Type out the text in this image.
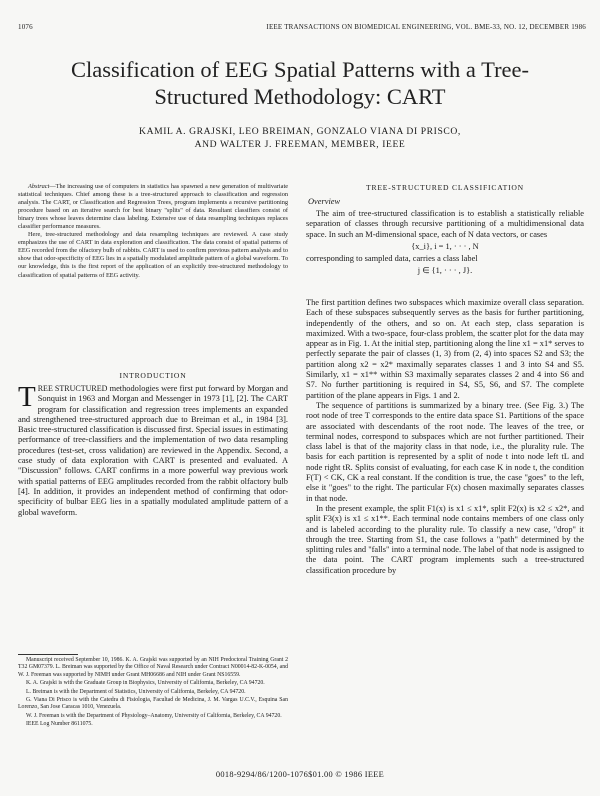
1076	IEEE TRANSACTIONS ON BIOMEDICAL ENGINEERING, VOL. BME-33, NO. 12, DECEMBER 1986
Classification of EEG Spatial Patterns with a Tree-Structured Methodology: CART
KAMIL A. GRAJSKI, LEO BREIMAN, GONZALO VIANA DI PRISCO,
AND WALTER J. FREEMAN, MEMBER, IEEE

Abstract—The increasing use of computers in statistics has spawned a new generation of multivariate statistical techniques. Chief among these is a tree-structured approach to classification and regression analysis. The CART, or Classification and Regression Trees, program implements a recursive partitioning procedure based on an iterative search for best binary "splits" of data. Resultant classifiers consist of binary trees whose leaves determine class labeling. Extensive use of data resampling techniques replaces classifier performance measures.

Here, tree-structured methodology and data resampling techniques are reviewed. A case study emphasizes the use of CART in data exploration and classification. The data consist of spatial patterns of EEG recorded from the olfactory bulb of rabbits. CART is used to confirm previous pattern analysis and to show that odor-specificity of EEG lies in a spatially modulated amplitude pattern of a global waveform. To our knowledge, this is the first report of the application of an explicitly tree-structured methodology to classification of spatial patterns of EEG activity.

INTRODUCTION

TREE STRUCTURED methodologies were first put forward by Morgan and Sonquist in 1963 and Morgan and Messenger in 1973 [1], [2]. The CART program for classification and regression trees implements an expanded and strengthened tree-structured approach due to Breiman et al., in 1984 [3]. Basic tree-structured classification is discussed first. Special issues in estimating performance of tree-classifiers and the implementation of two data resampling procedures (test-set, cross validation) are reviewed in the Appendix. Second, a case study of data exploration with CART is presented and evaluated. A "Discussion" follows. CART confirms in a more powerful way previous work with spatial patterns of EEG amplitudes recorded from the rabbit olfactory bulb [4]. In addition, it provides an independent method of confirming that odor-specificity of bulbar EEG lies in a spatially modulated amplitude pattern of a global waveform.

Manuscript received September 10, 1986. K. A. Grajski was supported by an NIH Predoctoral Training Grant 2 T32 GM07379. L. Breiman was supported by the Office of Naval Research under Contract N00014-82-K-0054, and W. J. Freeman was supported by NIMH under Grant MH06686 and NIH under Grant NS16559.

K. A. Grajski is with the Graduate Group in Biophysics, University of California, Berkeley, CA 94720.

L. Breiman is with the Department of Statistics, University of California, Berkeley, CA 94720.

G. Viana Di Prisco is with the Catedra di Fisiologia, Facultad de Medicina, J. M. Vargas U.C.V., Esquina San Lorenzo, San Jose Caracas 1010, Venezuela.

W. J. Freeman is with the Department of Physiology–Anatomy, University of California, Berkeley, CA 94720.

IEEE Log Number 8611075.

TREE-STRUCTURED CLASSIFICATION
Overview

The aim of tree-structured classification is to establish a statistically reliable separation of classes through recursive partitioning of a multidimensional data space. In such an M-dimensional space, each of N data vectors, or cases

{x_i}, i = 1, · · · , N
corresponding to sampled data, carries a class label
j ∈ {1, · · · , J}.

The first partition defines two subspaces which maximize overall class separation. Each of these subspaces subsequently serves as the basis for further partitioning, independently of the others, and so on. At each step, class separation is maximized. With a two-space, four-class problem, the scatter plot for the data may appear as in Fig. 1. At the initial step, partitioning along the line x1 = x1* serves to perfectly separate the pair of classes (1, 3) from (2, 4) into spaces S2 and S3; the partition along x2 = x2* maximally separates classes 1 and 3 into S4 and S5. Similarly, x1 = x1** within S3 maximally separates classes 2 and 4 into S6 and S7. No further partitioning is required in S4, S5, S6, and S7. The complete partition of the plane appears in Figs. 1 and 2.

The sequence of partitions is summarized by a binary tree. (See Fig. 3.) The root node of tree T corresponds to the entire data space S1. Partitions of the space are associated with descendants of the root node. The leaves of the tree, or terminal nodes, correspond to subspaces which are not further partitioned. Their class label is that of the majority class in that node, i.e., the plurality rule. The basis for each partition is represented by a split of node t into node left tL and node right tR. Splits consist of evaluating, for each case K in node t, the condition F(T) < CK, CK a real constant. If the condition is true, the case "goes" to the left, else it "goes" to the right. The particular F(x) chosen maximally separates classes in that node.

In the present example, the split F1(x) is x1 ≤ x1*, split F2(x) is x2 ≤ x2*, and split F3(x) is x1 ≤ x1**. Each terminal node contains members of one class only and is labeled according to the plurality rule. To classify a new case, "drop" it through the tree. Starting from S1, the case follows a "path" determined by the splitting rules and "falls" into a terminal node. The label of that node is assigned to the data point. The CART program implements such a tree-structured classification procedure by

0018-9294/86/1200-1076$01.00 © 1986 IEEE
